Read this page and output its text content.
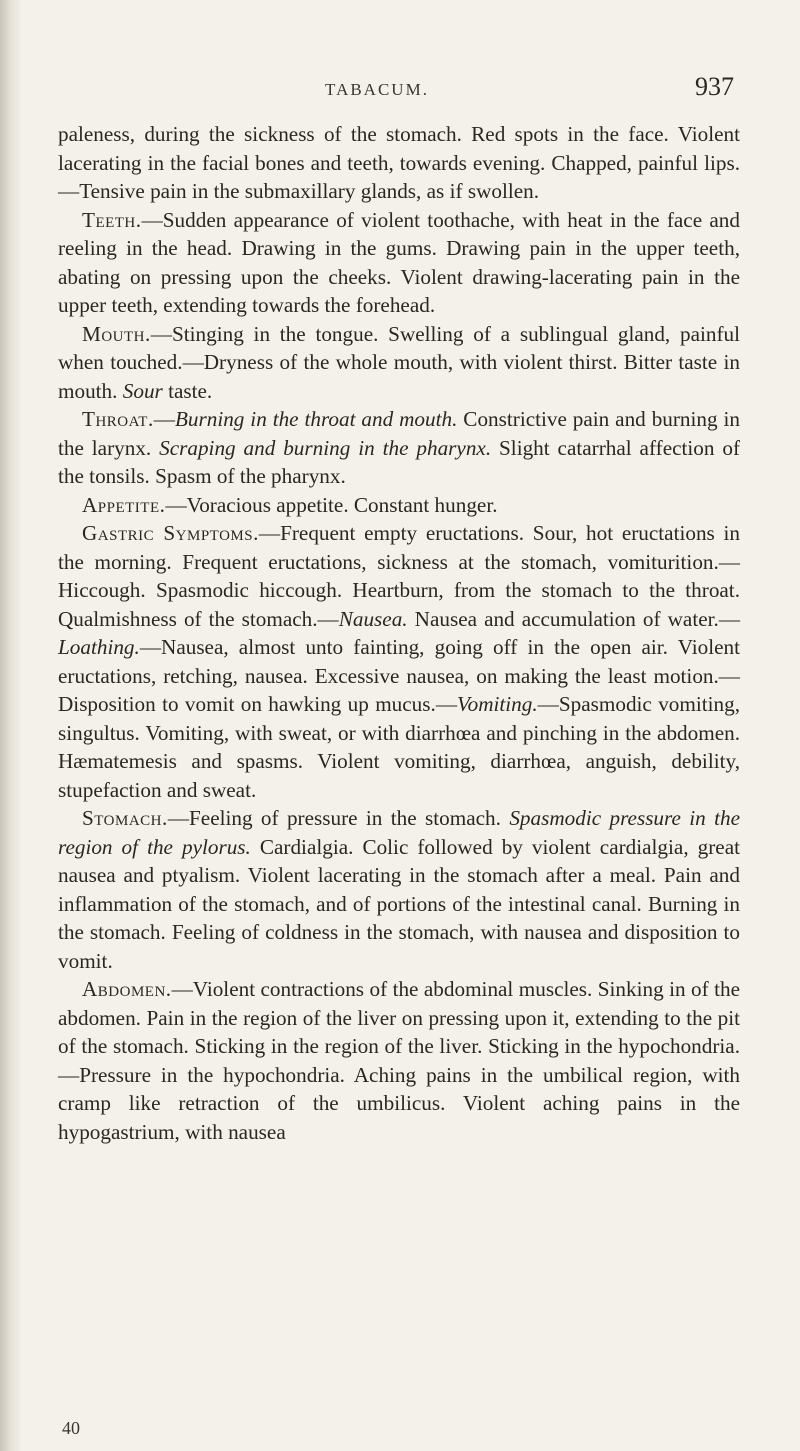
TABACUM.	937

paleness, during the sickness of the stomach. Red spots in the face. Violent lacerating in the facial bones and teeth, towards evening. Chapped, painful lips.—Tensive pain in the submaxillary glands, as if swollen.

Teeth.—Sudden appearance of violent toothache, with heat in the face and reeling in the head. Drawing in the gums. Drawing pain in the upper teeth, abating on pressing upon the cheeks. Violent drawing-lacerating pain in the upper teeth, extending towards the forehead.

Mouth.—Stinging in the tongue. Swelling of a sublingual gland, painful when touched.—Dryness of the whole mouth, with violent thirst. Bitter taste in mouth. Sour taste.

Throat.—Burning in the throat and mouth. Constrictive pain and burning in the larynx. Scraping and burning in the pharynx. Slight catarrhal affection of the tonsils. Spasm of the pharynx.

Appetite.—Voracious appetite. Constant hunger.

Gastric Symptoms.—Frequent empty eructations. Sour, hot eructations in the morning. Frequent eructations, sickness at the stomach, vomiturition.—Hiccough. Spasmodic hiccough. Heartburn, from the stomach to the throat. Qualmishness of the stomach.—Nausea. Nausea and accumulation of water.—Loathing.—Nausea, almost unto fainting, going off in the open air. Violent eructations, retching, nausea. Excessive nausea, on making the least motion.—Disposition to vomit on hawking up mucus.—Vomiting.—Spasmodic vomiting, singultus. Vomiting, with sweat, or with diarrhœa and pinching in the abdomen. Hæmatemesis and spasms. Violent vomiting, diarrhœa, anguish, debility, stupefaction and sweat.

Stomach.—Feeling of pressure in the stomach. Spasmodic pressure in the region of the pylorus. Cardialgia. Colic followed by violent cardialgia, great nausea and ptyalism. Violent lacerating in the stomach after a meal. Pain and inflammation of the stomach, and of portions of the intestinal canal. Burning in the stomach. Feeling of coldness in the stomach, with nausea and disposition to vomit.

Abdomen.—Violent contractions of the abdominal muscles. Sinking in of the abdomen. Pain in the region of the liver on pressing upon it, extending to the pit of the stomach. Sticking in the region of the liver. Sticking in the hypochondria.—Pressure in the hypochondria. Aching pains in the umbilical region, with cramp like retraction of the umbilicus. Violent aching pains in the hypogastrium, with nausea

40
